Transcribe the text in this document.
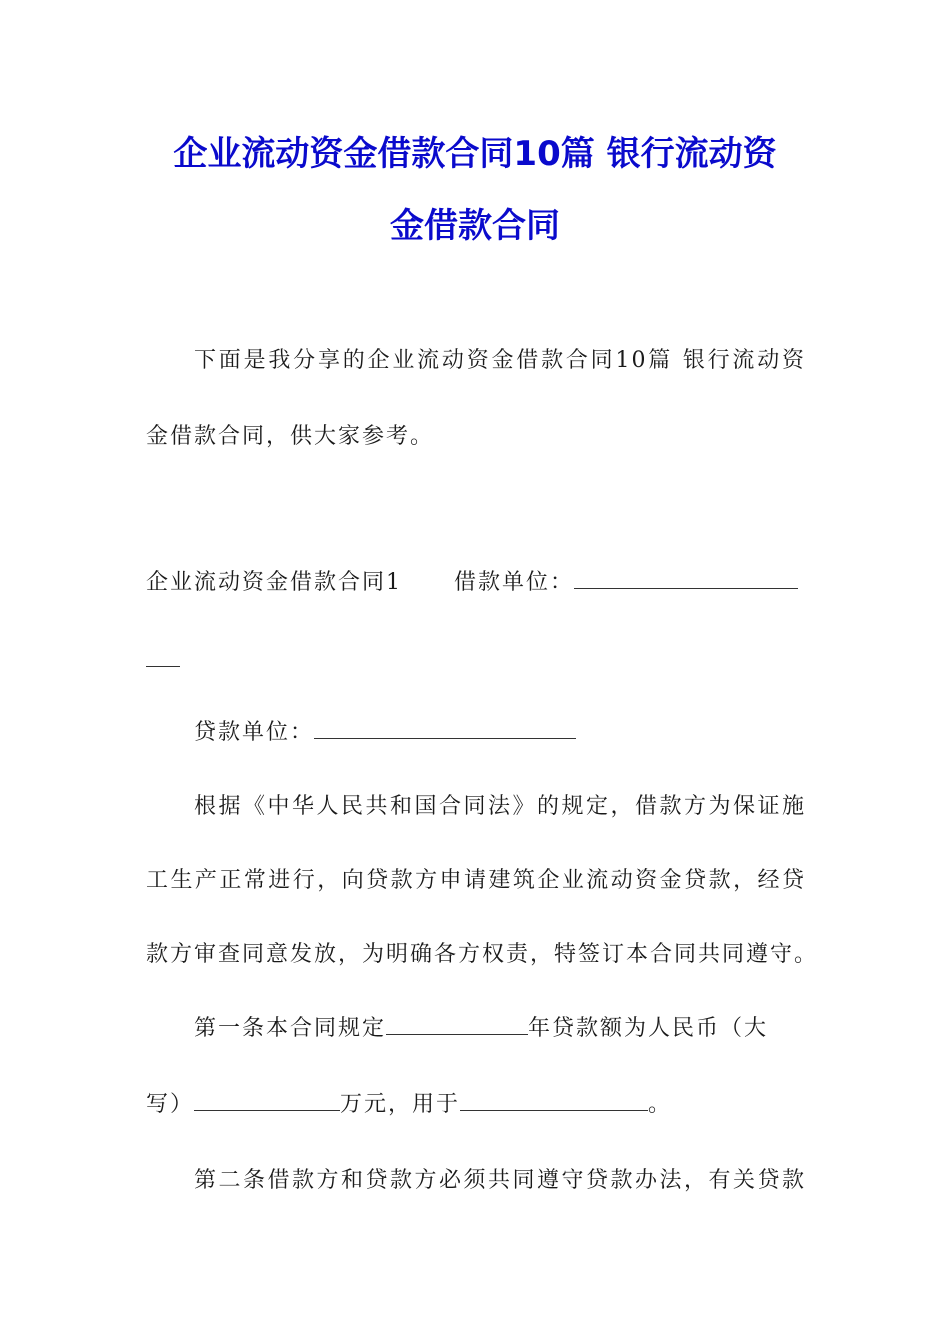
企业流动资金借款合同10篇 银行流动资
金借款合同
下面是我分享的企业流动资金借款合同10篇 银行流动资
金借款合同，供大家参考。
企业流动资金借款合同1 借款单位：
贷款单位：
根据《中华人民共和国合同法》的规定，借款方为保证施
工生产正常进行，向贷款方申请建筑企业流动资金贷款，经贷
款方审查同意发放，为明确各方权责，特签订本合同共同遵守。
第一条本合同规定	年贷款额为人民币（大
写）	万元，用于	。
第二条借款方和贷款方必须共同遵守贷款办法，有关贷款
